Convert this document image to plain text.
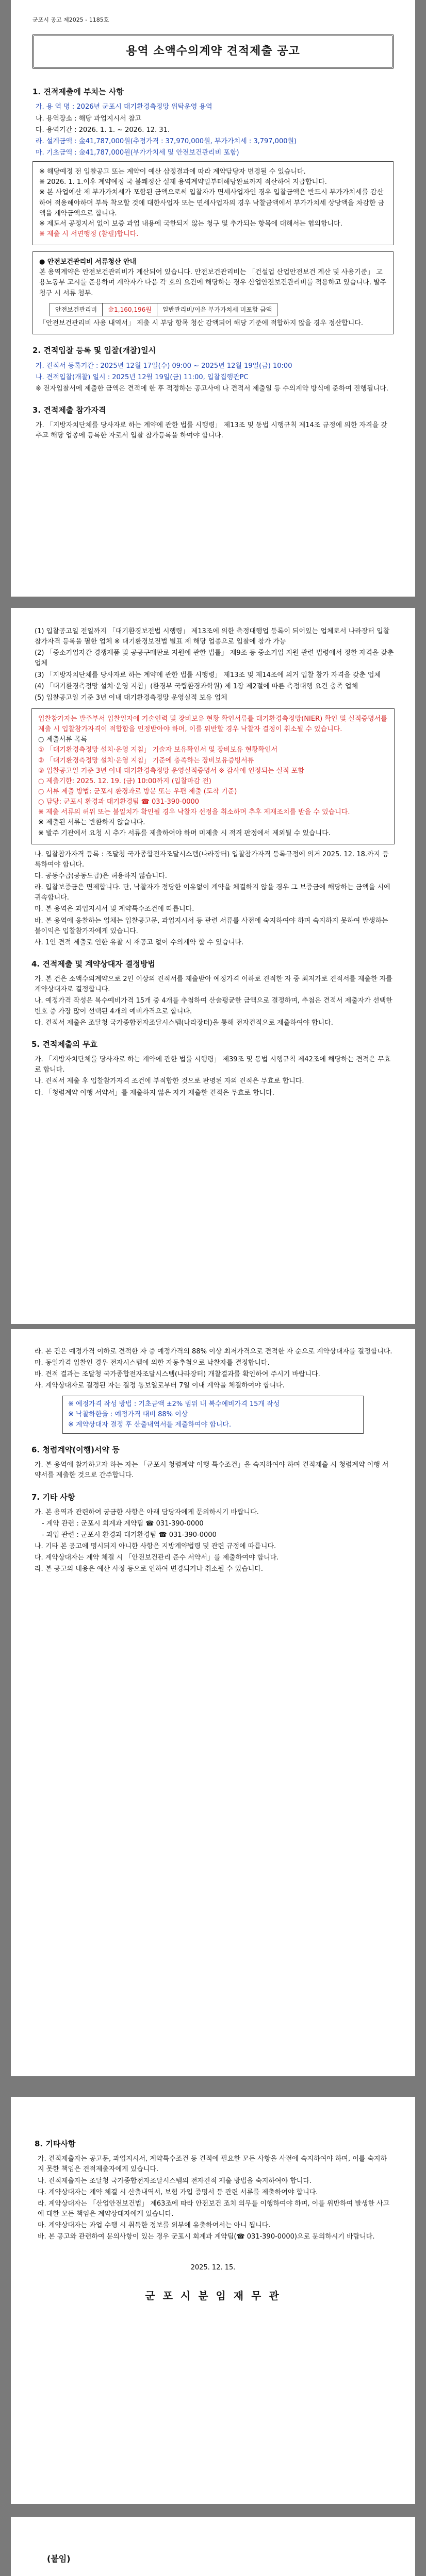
군포시 공고 제2025 - 1185호
용역 소액수의계약 견적제출 공고
1. 견적제출에 부치는 사항
가. 용 역 명 : 2026년 군포시 대기환경측정망 위탁운영 용역
나. 용역장소 : 해당 과업지시서 참고
다. 용역기간 : 2026. 1. 1. ~ 2026. 12. 31.
라. 설계금액 : 金41,787,000원(추정가격 : 37,970,000원, 부가가치세 : 3,797,000원)
마. 기초금액 : 金41,787,000원(부가가치세 및 안전보건관리비 포함)
※ 해당예정 전 입찰공고 또는 계약이 예산 삽정결과에 따라 계약담당자 변경될 수 있습니다.
※ 2026. 1. 1.이후 계약예정 국 불쾌정산 실제 용역계약일부터해당완료까지 적산하여 지급합니다.
※ 본 사업예산 제 부가가치세가 포함된 금액으로써 입찰자가 면세사업자인 경우 입찰금액은 반드시 부가가치세를 감산하여 적용해야하며 부득 착오할 것에 대한사업자 또는 면세사업자의 경우 낙찰금액에서 부가가치세 상당액을 차감한 금액을 계약금액으로 합니다.
※ 제도서 공정지서 없이 보증 과업 내용에 국한되지 않는 청구 및 추가되는 항목에 대해서는 협의합니다.
※ 제출 시 서면행정 (참필)합니다.
● 안전보건관리비 서류청산 안내
본 용역계약은 안전보건관리비가 계산되어 있습니다. 안전보건관리비는 「건설업 산업안전보건 계산 및 사용기준」 고용노동부 고시를 준용하며 계약자가 다음 각 호의 요건에 해당하는 경우 산업안전보건관리비를 적용하고 있습니다. 발주 청구 시 서류 첨부.
안전보건관리비	金1,160,196원	일반관리비/이윤 부가가치세 미포함 금액
「안전보건관리비 사용 내역서」 제출 시 부당 항목 청산 감액되어 해당 기준에 적합하지 않을 경우 정산합니다.
2. 견적입찰 등록 및 입찰(개찰)일시
가. 견적서 등록기간 : 2025년 12월 17일(수) 09:00 ~ 2025년 12월 19일(금) 10:00
나. 견적입찰(개찰) 일시 : 2025년 12월 19일(금) 11:00, 입찰집행관PC
※ 전자입찰서에 제출한 금액은 견적에 한 후 적정하는 공고사에 나 견적서 제출일 등 수의계약 방식에 준하여 진행됩니다.
3. 견적제출 참가자격
가. 「지방자치단체를 당사자로 하는 계약에 관한 법률 시행령」 제13조 및 동법 시행규칙 제14조 규정에 의한 자격을 갖추고 해당 업종에 등록한 자로서 입찰 참가등록을 하여야 합니다.
(1) 입찰공고일 전일까지 「대기환경보전법 시행령」 제13조에 의한 측정대행업 등록이 되어있는 업체로서 나라장터 입찰참가자격 등록을 필한 업체 ※ 대기환경보전법 별표 제 해당 업종으로 입찰에 참가 가능
(2) 「중소기업자간 경쟁제품 및 공공구매판로 지원에 관한 법률」 제9조 등 중소기업 지원 관련 법령에서 정한 자격을 갖춘 업체
(3) 「지방자치단체를 당사자로 하는 계약에 관한 법률 시행령」 제13조 및 제14조에 의거 입찰 참가 자격을 갖춘 업체
(4) 「대기환경측정망 설치·운영 지침」(환경부 국립환경과학원) 제 1장 제2절에 따른 측정대행 요건 충족 업체
(5) 입찰공고일 기준 3년 이내 대기환경측정망 운영실적 보유 업체
입찰참가자는 발주부서 입찰일자에 기술인력 및 장비보유 현황 확인서류를 대기환경측정망(NIER) 확인 및 실적증명서를 제출 시 입찰참가자격이 적합함을 인정받아야 하며, 이를 위반할 경우 낙찰자 결정이 취소될 수 있습니다.
○ 제출서류 목록
① 「대기환경측정망 설치·운영 지침」 기술자 보유확인서 및 장비보유 현황확인서
② 「대기환경측정망 설치·운영 지침」 기준에 충족하는 장비보유증빙서류
③ 입찰공고일 기준 3년 이내 대기환경측정망 운영실적증명서 ※ 감사에 인정되는 실적 포함
○ 제출기한: 2025. 12. 19. (금) 10:00까지 (입찰마감 전)
○ 서류 제출 방법: 군포시 환경과로 방문 또는 우편 제출 (도착 기준)
○ 담당: 군포시 환경과 대기환경팀 ☎ 031-390-0000
※ 제출 서류의 허위 또는 불일치가 확인될 경우 낙찰자 선정을 취소하며 추후 제재조치를 받을 수 있습니다.
※ 제출된 서류는 반환하지 않습니다.
※ 발주 기관에서 요청 시 추가 서류를 제출하여야 하며 미제출 시 적격 판정에서 제외될 수 있습니다.
나. 입찰참가자격 등록 : 조달청 국가종합전자조달시스템(나라장터) 입찰참가자격 등록규정에 의거 2025. 12. 18.까지 등록하여야 합니다.
다. 공동수급(공동도급)은 허용하지 않습니다.
라. 입찰보증금은 면제합니다. 단, 낙찰자가 정당한 이유없이 계약을 체결하지 않을 경우 그 보증금에 해당하는 금액을 시에 귀속합니다.
마. 본 용역은 과업지시서 및 계약특수조건에 따릅니다.
바. 본 용역에 응찰하는 업체는 입찰공고문, 과업지시서 등 관련 서류를 사전에 숙지하여야 하며 숙지하지 못하여 발생하는 불이익은 입찰참가자에게 있습니다.
사. 1인 견적 제출로 인한 유찰 시 재공고 없이 수의계약 할 수 있습니다.
4. 견적제출 및 계약상대자 결정방법
가. 본 건은 소액수의계약으로 2인 이상의 견적서를 제출받아 예정가격 이하로 견적한 자 중 최저가로 견적서를 제출한 자를 계약상대자로 결정합니다.
나. 예정가격 작성은 복수예비가격 15개 중 4개를 추첨하여 산술평균한 금액으로 결정하며, 추첨은 견적서 제출자가 선택한 번호 중 가장 많이 선택된 4개의 예비가격으로 합니다.
다. 견적서 제출은 조달청 국가종합전자조달시스템(나라장터)을 통해 전자견적으로 제출하여야 합니다.
5. 견적제출의 무효
가. 「지방자치단체를 당사자로 하는 계약에 관한 법률 시행령」 제39조 및 동법 시행규칙 제42조에 해당하는 견적은 무효로 합니다.
나. 견적서 제출 후 입찰참가자격 조건에 부적합한 것으로 판명된 자의 견적은 무효로 합니다.
다. 「청렴계약 이행 서약서」를 제출하지 않은 자가 제출한 견적은 무효로 합니다.
라. 본 건은 예정가격 이하로 견적한 자 중 예정가격의 88% 이상 최저가격으로 견적한 자 순으로 계약상대자를 결정합니다.
마. 동일가격 입찰인 경우 전자시스템에 의한 자동추첨으로 낙찰자를 결정합니다.
바. 견적 결과는 조달청 국가종합전자조달시스템(나라장터) 개찰결과를 확인하여 주시기 바랍니다.
사. 계약상대자로 결정된 자는 결정 통보일로부터 7일 이내 계약을 체결하여야 합니다.
※ 예정가격 작성 방법 : 기초금액 ±2% 범위 내 복수예비가격 15개 작성
※ 낙찰하한율 : 예정가격 대비 88% 이상
※ 계약상대자 결정 후 산출내역서를 제출하여야 합니다.
6. 청렴계약(이행)서약 등
가. 본 용역에 참가하고자 하는 자는 「군포시 청렴계약 이행 특수조건」을 숙지하여야 하며 견적제출 시 청렴계약 이행 서약서를 제출한 것으로 간주합니다.
7. 기타 사항
가. 본 용역과 관련하여 궁금한 사항은 아래 담당자에게 문의하시기 바랍니다.
- 계약 관련 : 군포시 회계과 계약팀 ☎ 031-390-0000
- 과업 관련 : 군포시 환경과 대기환경팀 ☎ 031-390-0000
나. 기타 본 공고에 명시되지 아니한 사항은 지방계약법령 및 관련 규정에 따릅니다.
다. 계약상대자는 계약 체결 시 「안전보건관리 준수 서약서」를 제출하여야 합니다.
라. 본 공고의 내용은 예산 사정 등으로 인하여 변경되거나 취소될 수 있습니다.
8. 기타사항
가. 견적제출자는 공고문, 과업지시서, 계약특수조건 등 견적에 필요한 모든 사항을 사전에 숙지하여야 하며, 이를 숙지하지 못한 책임은 견적제출자에게 있습니다.
나. 견적제출자는 조달청 국가종합전자조달시스템의 전자견적 제출 방법을 숙지하여야 합니다.
다. 계약상대자는 계약 체결 시 산출내역서, 보험 가입 증명서 등 관련 서류를 제출하여야 합니다.
라. 계약상대자는 「산업안전보건법」 제63조에 따라 안전보건 조치 의무를 이행하여야 하며, 이를 위반하여 발생한 사고에 대한 모든 책임은 계약상대자에게 있습니다.
마. 계약상대자는 과업 수행 시 취득한 정보를 외부에 유출하여서는 아니 됩니다.
바. 본 공고와 관련하여 문의사항이 있는 경우 군포시 회계과 계약팀(☎ 031-390-0000)으로 문의하시기 바랍니다.
2025. 12. 15.
군 포 시 분 임 재 무 관
(붙임)
